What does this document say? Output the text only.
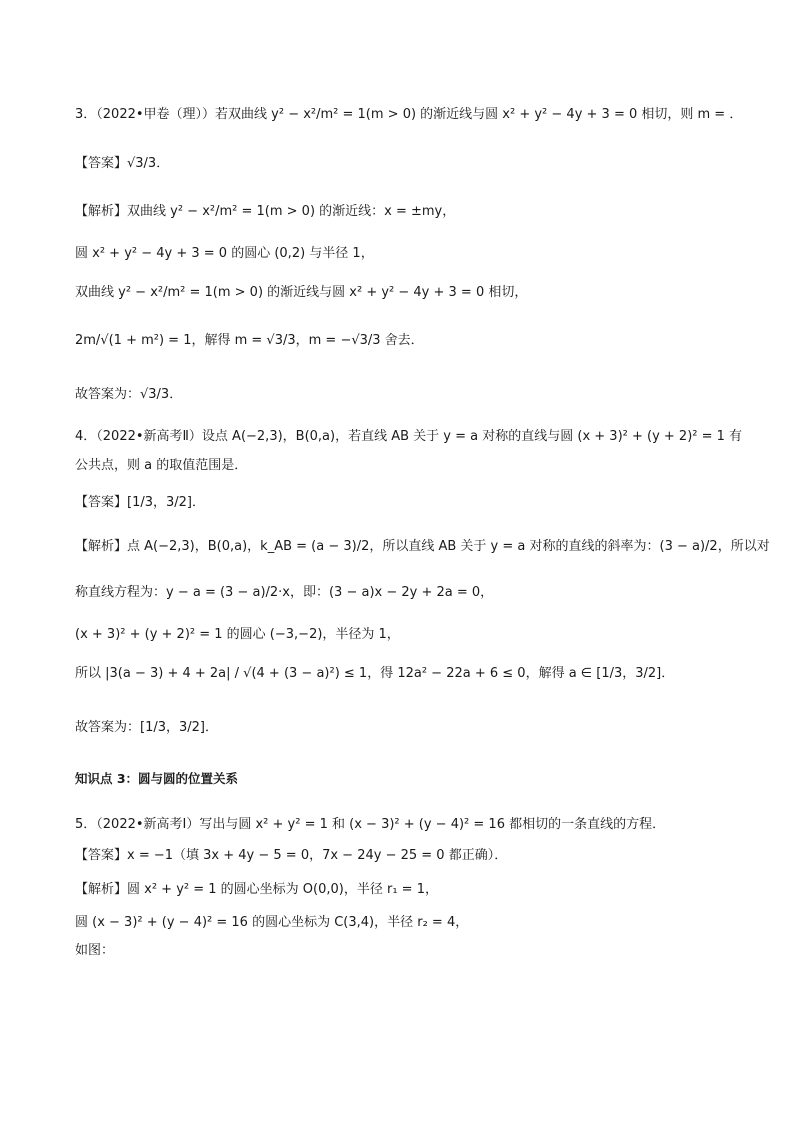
3．（2022•甲卷（理））若双曲线 y² − x²/m² = 1(m > 0) 的渐近线与圆 x² + y² − 4y + 3 = 0 相切，则 m = ．
【答案】√3/3．
【解析】双曲线 y² − x²/m² = 1(m > 0) 的渐近线：x = ±my，
圆 x² + y² − 4y + 3 = 0 的圆心 (0,2) 与半径 1，
双曲线 y² − x²/m² = 1(m > 0) 的渐近线与圆 x² + y² − 4y + 3 = 0 相切，
2m/√(1 + m²) = 1，解得 m = √3/3，m = −√3/3 舍去．
故答案为：√3/3．
4．（2022•新高考Ⅱ）设点 A(−2,3)，B(0,a)，若直线 AB 关于 y = a 对称的直线与圆 (x + 3)² + (y + 2)² = 1 有
公共点，则 a 的取值范围是．
【答案】[1/3，3/2]．
【解析】点 A(−2,3)，B(0,a)，k_AB = (a − 3)/2，所以直线 AB 关于 y = a 对称的直线的斜率为：(3 − a)/2，所以对
称直线方程为：y − a = (3 − a)/2·x，即：(3 − a)x − 2y + 2a = 0，
(x + 3)² + (y + 2)² = 1 的圆心 (−3,−2)，半径为 1，
所以 |3(a − 3) + 4 + 2a| / √(4 + (3 − a)²) ≤ 1，得 12a² − 22a + 6 ≤ 0，解得 a ∈ [1/3，3/2]．
故答案为：[1/3，3/2]．
知识点 3：圆与圆的位置关系
5．（2022•新高考Ⅰ）写出与圆 x² + y² = 1 和 (x − 3)² + (y − 4)² = 16 都相切的一条直线的方程．
【答案】x = −1（填 3x + 4y − 5 = 0，7x − 24y − 25 = 0 都正确）．
【解析】圆 x² + y² = 1 的圆心坐标为 O(0,0)，半径 r₁ = 1，
圆 (x − 3)² + (y − 4)² = 16 的圆心坐标为 C(3,4)，半径 r₂ = 4，
如图：
